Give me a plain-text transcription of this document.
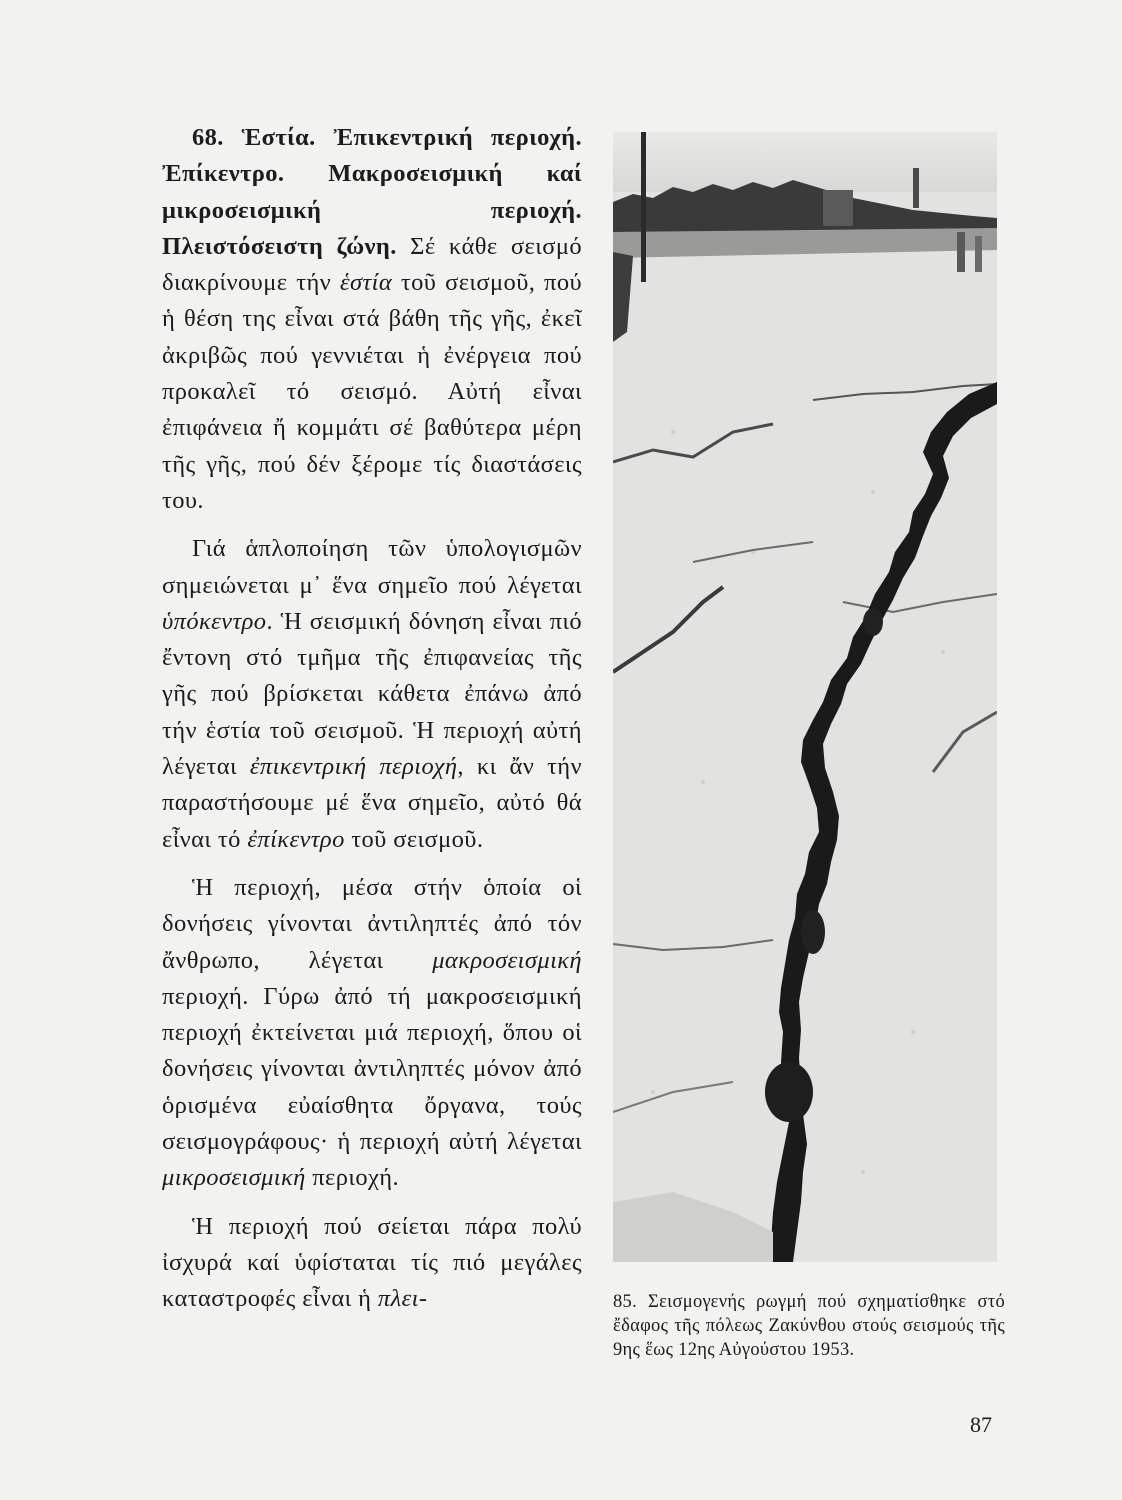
68. Ἑστία. Ἐπικεντρική περιοχή. Ἐπίκεντρο. Μακροσεισμική καί μικροσεισμική περιοχή. Πλειστόσειστη ζώνη. Σέ κάθε σεισμό διακρίνουμε τήν ἑστία τοῦ σεισμοῦ, πού ἡ θέση της εἶναι στά βάθη τῆς γῆς, ἐκεῖ ἀκριβῶς πού γεννιέται ἡ ἐνέργεια πού προκαλεῖ τό σεισμό. Αὐτή εἶναι ἐπιφάνεια ἤ κομμάτι σέ βαθύτερα μέρη τῆς γῆς, πού δέν ξέρομε τίς διαστάσεις του.

Γιά ἁπλοποίηση τῶν ὑπολογισμῶν σημειώνεται μ᾽ ἕνα σημεῖο πού λέγεται ὑπόκεντρο. Ἡ σεισμική δόνηση εἶναι πιό ἔντονη στό τμῆμα τῆς ἐπιφανείας τῆς γῆς πού βρίσκεται κάθετα ἐπάνω ἀπό τήν ἑστία τοῦ σεισμοῦ. Ἡ περιοχή αὐτή λέγεται ἐπικεντρική περιοχή, κι ἄν τήν παραστήσουμε μέ ἕνα σημεῖο, αὐτό θά εἶναι τό ἐπίκεντρο τοῦ σεισμοῦ.

Ἡ περιοχή, μέσα στήν ὁποία οἱ δονήσεις γίνονται ἀντιληπτές ἀπό τόν ἄνθρωπο, λέγεται μακροσεισμική περιοχή. Γύρω ἀπό τή μακροσεισμική περιοχή ἐκτείνεται μιά περιοχή, ὅπου οἱ δονήσεις γίνονται ἀντιληπτές μόνον ἀπό ὁρισμένα εὐαίσθητα ὄργανα, τούς σεισμογράφους· ἡ περιοχή αὐτή λέγεται μικροσεισμική περιοχή.

Ἡ περιοχή πού σείεται πάρα πολύ ἰσχυρά καί ὑφίσταται τίς πιό μεγάλες καταστροφές εἶναι ἡ πλει-	85. Σεισμογενής ρωγμή πού σχηματίσθηκε στό ἔδαφος τῆς πόλεως Ζακύνθου στούς σεισμούς τῆς 9ης ἕως 12ης Αὐγούστου 1953.
87
